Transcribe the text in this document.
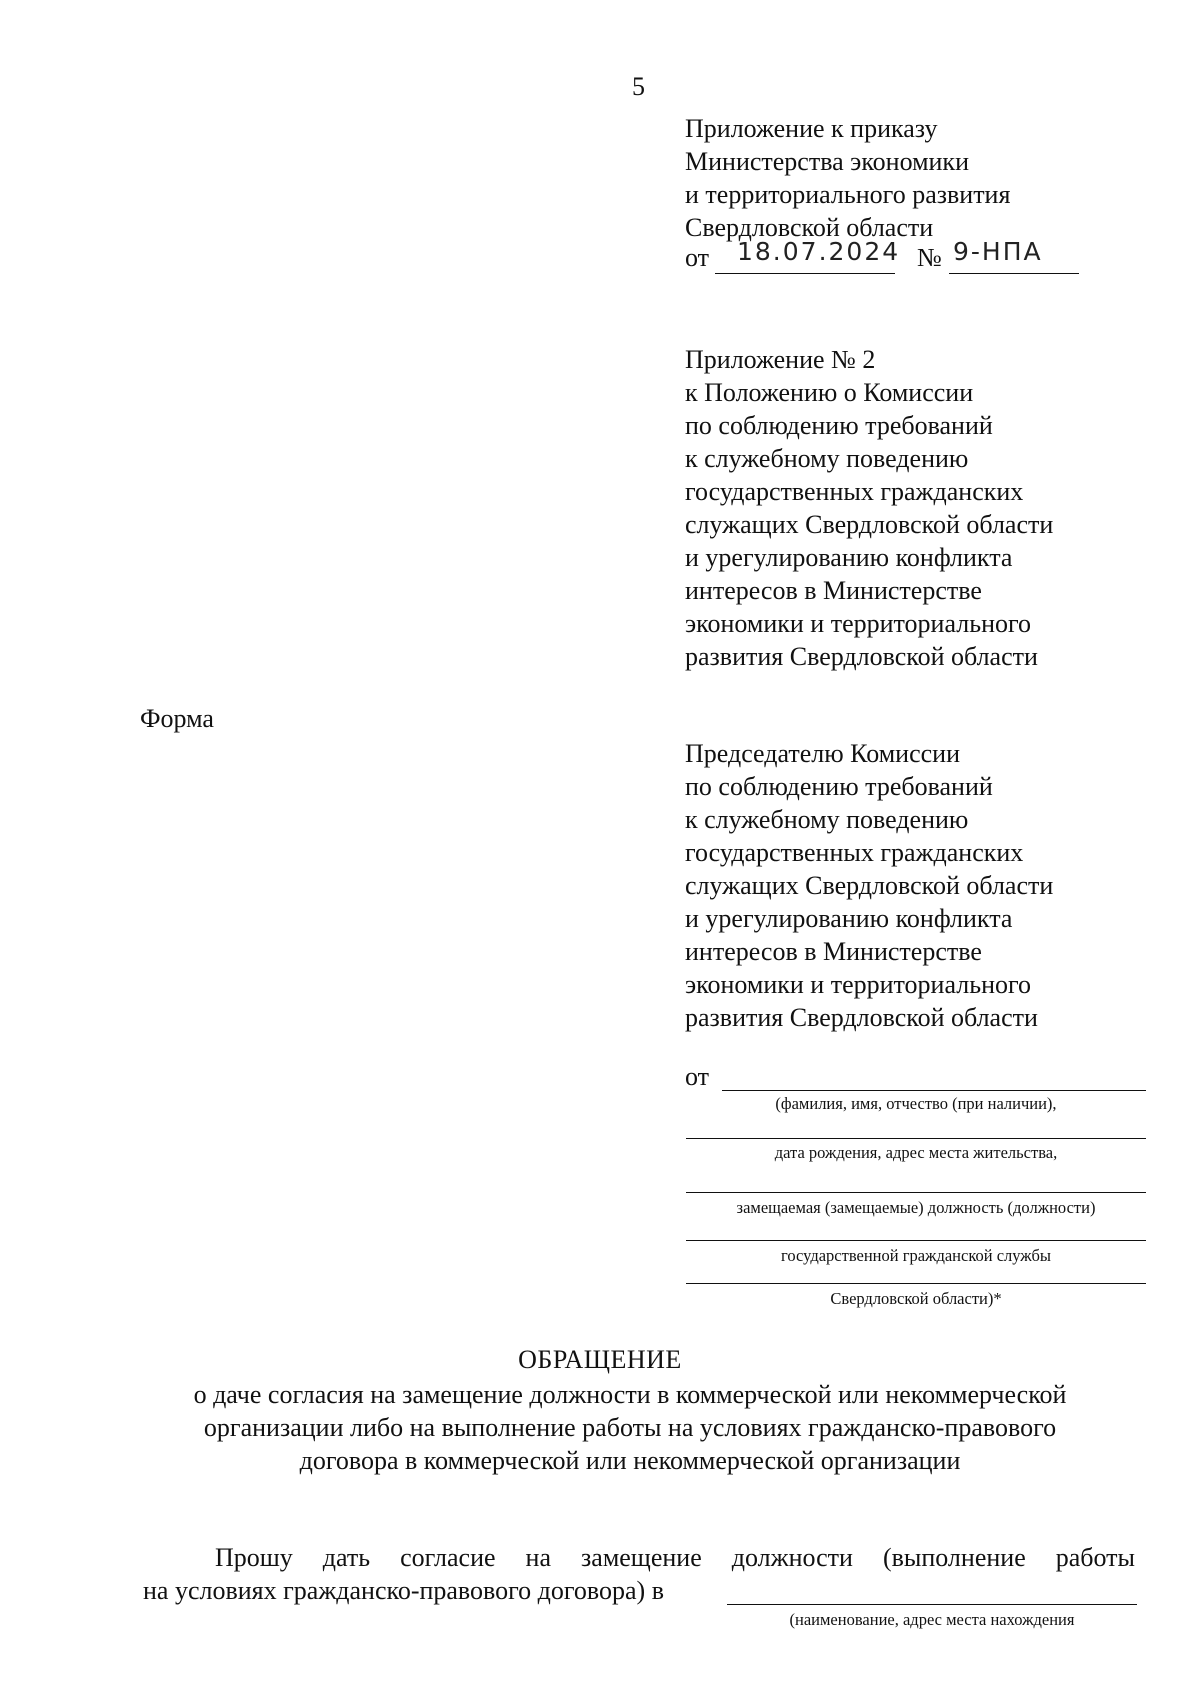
5
Приложение к приказу
Министерства экономики
и территориального развития
Свердловской области
от 18.07.2024 № 9-НПА
Приложение № 2
к Положению о Комиссии
по соблюдению требований
к служебному поведению
государственных гражданских
служащих Свердловской области
и урегулированию конфликта
интересов в Министерстве
экономики и территориального
развития Свердловской области
Форма
Председателю Комиссии
по соблюдению требований
к служебному поведению
государственных гражданских
служащих Свердловской области
и урегулированию конфликта
интересов в Министерстве
экономики и территориального
развития Свердловской области
от
(фамилия, имя, отчество (при наличии),
дата рождения, адрес места жительства,
замещаемая (замещаемые) должность (должности)
государственной гражданской службы
Свердловской области)*
ОБРАЩЕНИЕ
о даче согласия на замещение должности в коммерческой или некоммерческой
организации либо на выполнение работы на условиях гражданско-правового
договора в коммерческой или некоммерческой организации
Прошу дать согласие на замещение должности (выполнение работы
на условиях гражданско-правового договора) в
(наименование, адрес места нахождения
